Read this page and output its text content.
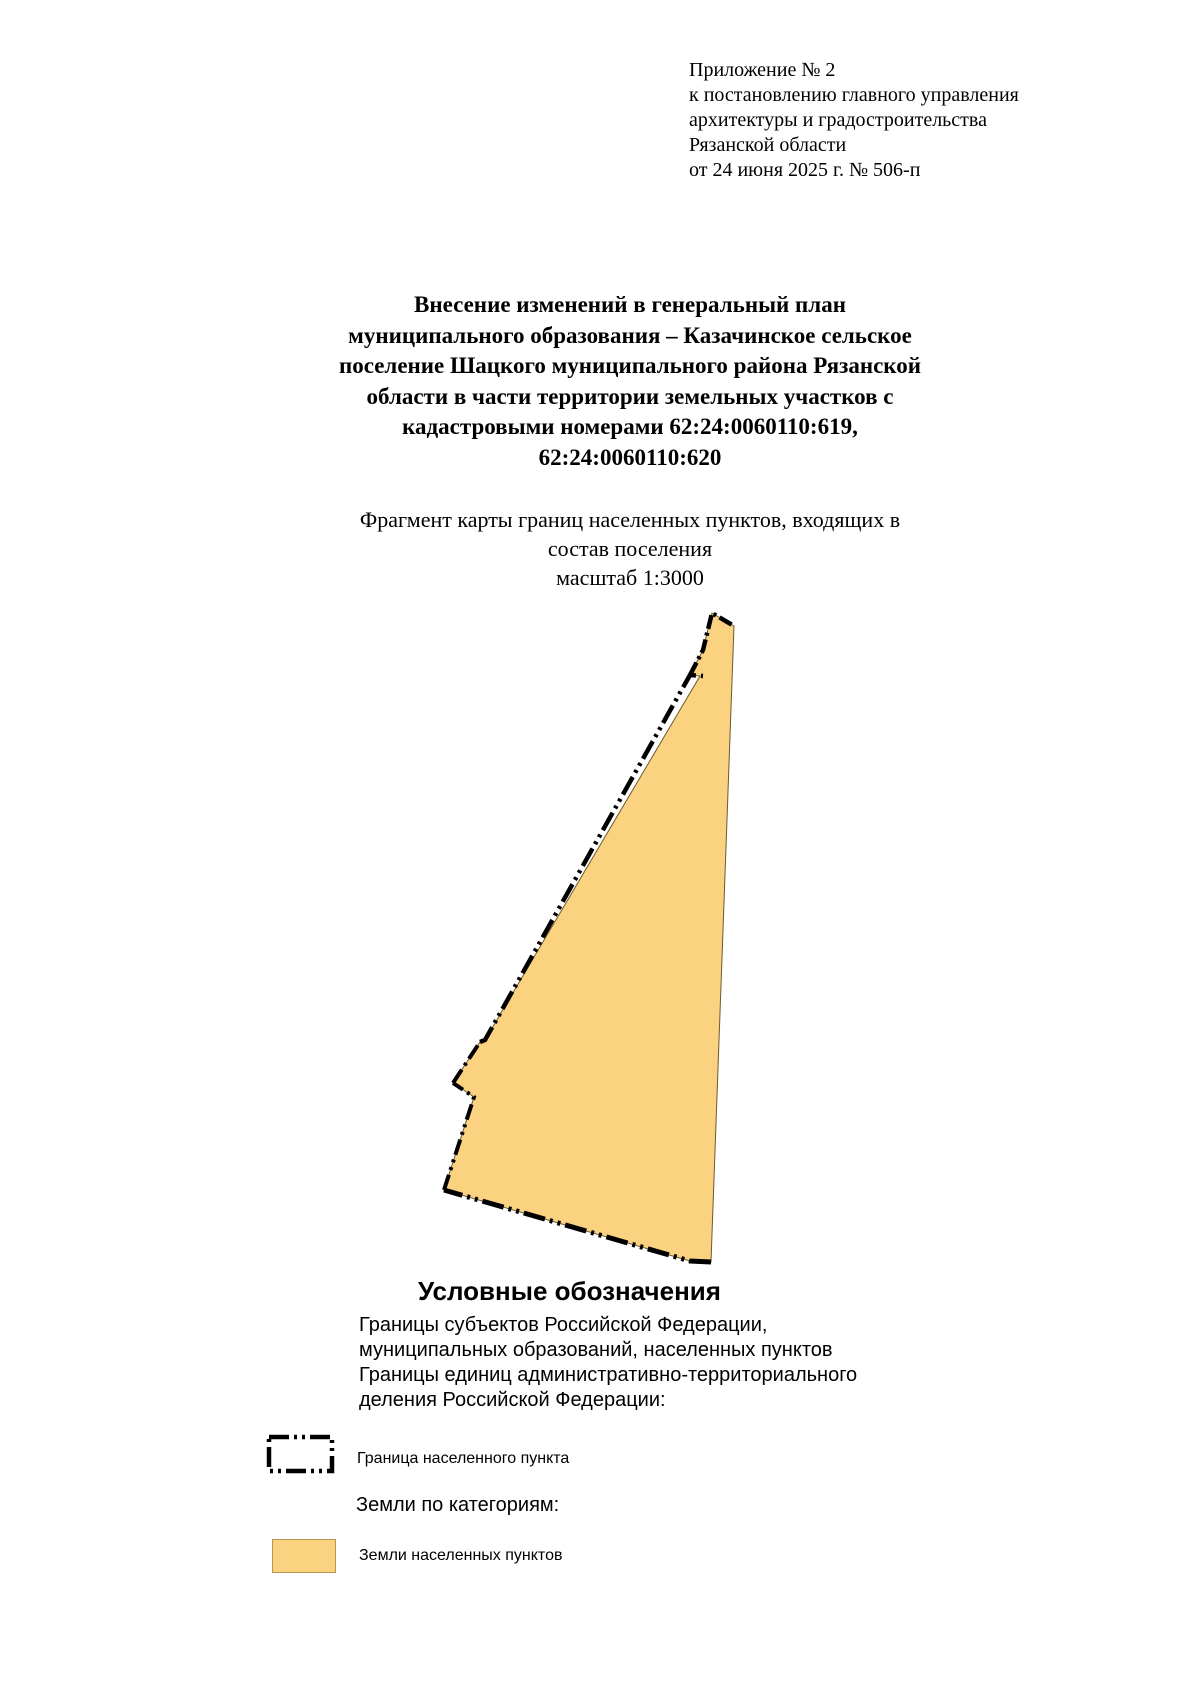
Приложение № 2
к постановлению главного управления
архитектуры и градостроительства
Рязанской области
от 24 июня 2025 г. № 506-п
Внесение изменений в генеральный план
муниципального образования – Казачинское сельское
поселение Шацкого муниципального района Рязанской
области в части территории земельных участков с
кадастровыми номерами 62:24:0060110:619,
62:24:0060110:620
Фрагмент карты границ населенных пунктов, входящих в
состав поселения
масштаб 1:3000
Условные обозначения
Границы субъектов Российской Федерации,
муниципальных образований, населенных пунктов
Границы единиц административно-территориального
деления Российской Федерации:
Граница населенного пункта
Земли по категориям:
Земли населенных пунктов
